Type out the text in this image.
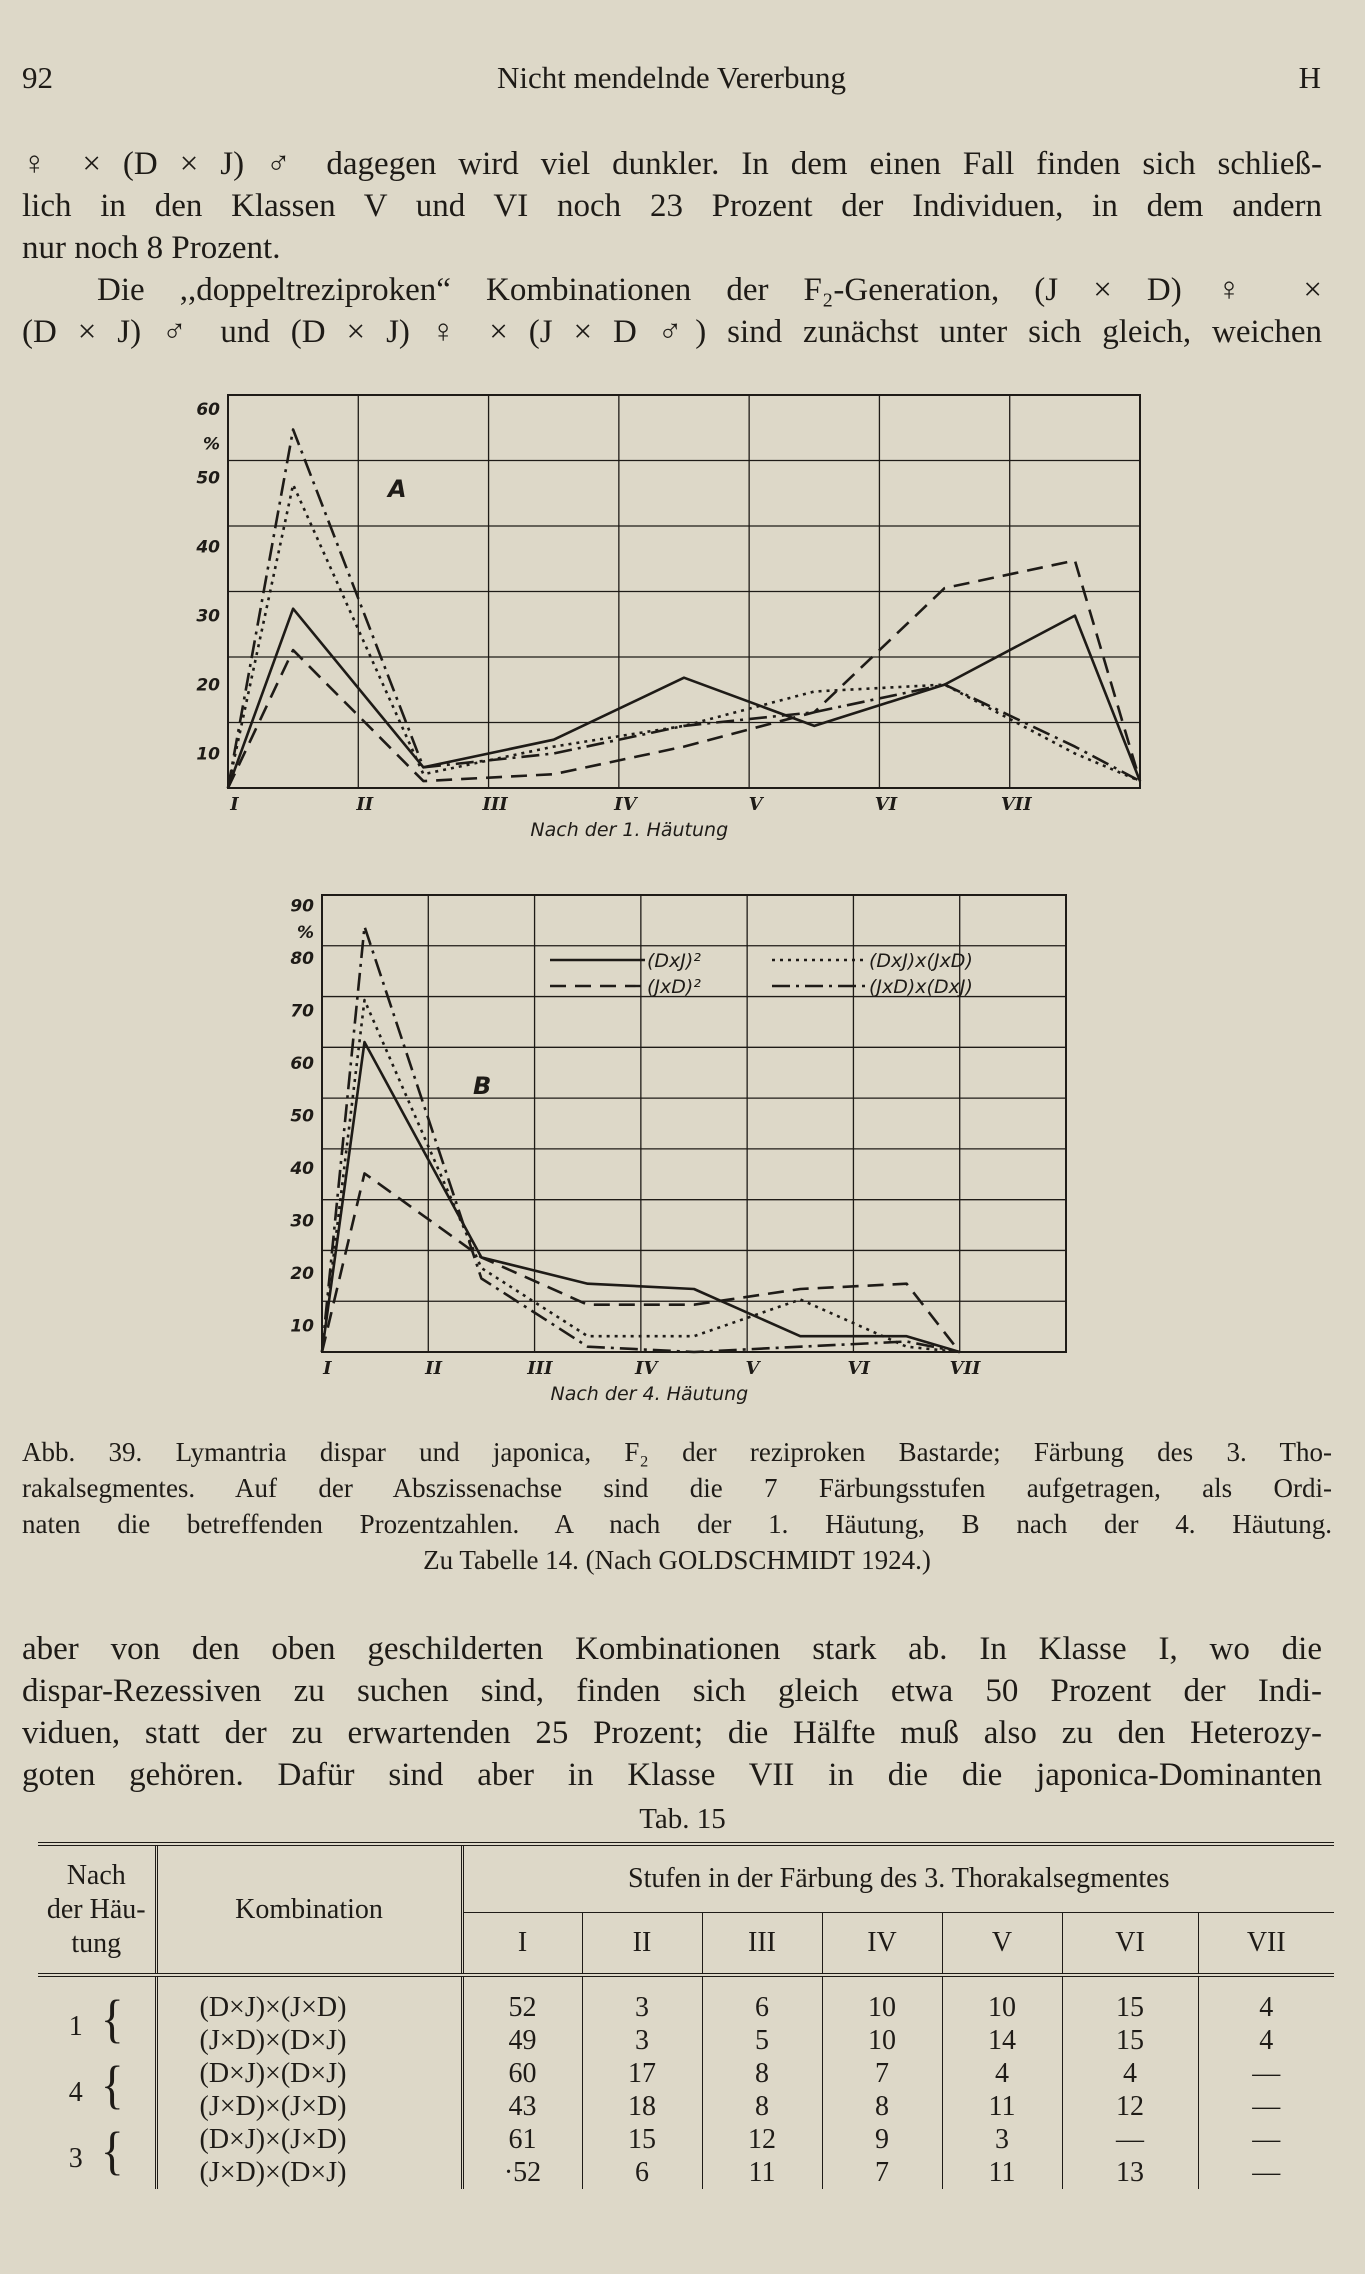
92	Nicht mendelnde Vererbung	H
♀ × (D × J) ♂ dagegen wird viel dunkler. In dem einen Fall finden sich schließ-
lich in den Klassen V und VI noch 23 Prozent der Individuen, in dem andern
nur noch 8 Prozent.
Die ,,doppeltreziproken“ Kombinationen der F₂-Generation, (J × D) ♀ ×
(D × J) ♂ und (D × J) ♀ × (J × D ♂) sind zunächst unter sich gleich, weichen
10
20
30
40
50
60
%
I	II	III	IV	V	VI	VII
Nach der 1. Häutung
A
10
20
30
40
50
60
70
80
90
%
I	II	III	IV	V	VI	VII
Nach der 4. Häutung
B
(DxJ)²
(JxD)²
(DxJ)x(JxD)
(JxD)x(DxJ)
Abb. 39. Lymantria dispar und japonica, F₂ der reziproken Bastarde; Färbung des 3. Tho-
rakalsegmentes. Auf der Abszissenachse sind die 7 Färbungsstufen aufgetragen, als Ordi-
naten die betreffenden Prozentzahlen. A nach der 1. Häutung, B nach der 4. Häutung.
Zu Tabelle 14. (Nach GOLDSCHMIDT 1924.)
aber von den oben geschilderten Kombinationen stark ab. In Klasse I, wo die
dispar-Rezessiven zu suchen sind, finden sich gleich etwa 50 Prozent der Indi-
viduen, statt der zu erwartenden 25 Prozent; die Hälfte muß also zu den Heterozy-
goten gehören. Dafür sind aber in Klasse VII in die die japonica-Dominanten
Tab. 15
Nach
der Häu-
tung	Kombination	Stufen in der Färbung des 3. Thorakalsegmentes						
		I	II	III	IV	V	VI	VII
1 {	(D×J)×(J×D)	52	3	6	10	10	15	4
	(J×D)×(D×J)	49	3	5	10	14	15	4
4 {	(D×J)×(D×J)	60	17	8	7	4	4	—
	(J×D)×(J×D)	43	18	8	8	11	12	—
3 {	(D×J)×(J×D)	61	15	12	9	3	—	—
	(J×D)×(D×J)	·52	6	11	7	11	13	—
